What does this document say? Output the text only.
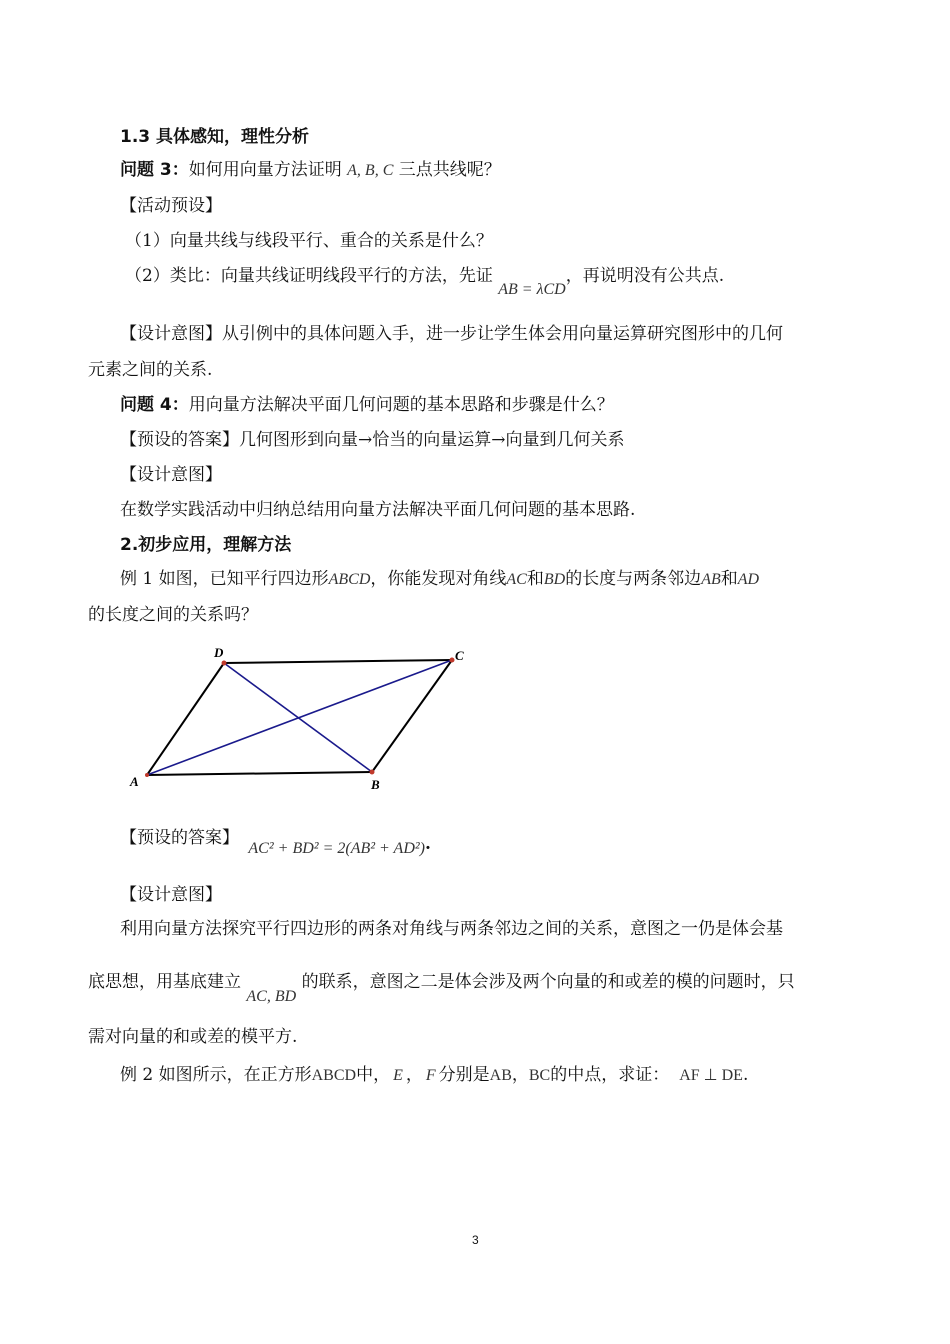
1.3 具体感知，理性分析
问题 3：如何用向量方法证明 A, B, C 三点共线呢？
【活动预设】
（1）向量共线与线段平行、重合的关系是什么？
（2）类比：向量共线证明线段平行的方法，先证 AB = λCD，再说明没有公共点.
【设计意图】从引例中的具体问题入手，进一步让学生体会用向量运算研究图形中的几何
元素之间的关系.
问题 4：用向量方法解决平面几何问题的基本思路和步骤是什么？
【预设的答案】几何图形到向量→恰当的向量运算→向量到几何关系
【设计意图】
在数学实践活动中归纳总结用向量方法解决平面几何问题的基本思路.
2.初步应用，理解方法
例 1 如图，已知平行四边形ABCD，你能发现对角线AC和BD的长度与两条邻边AB和AD
的长度之间的关系吗？
A	B
C
D
【预设的答案】 AC² + BD² = 2(AB² + AD²).
【设计意图】
利用向量方法探究平行四边形的两条对角线与两条邻边之间的关系，意图之一仍是体会基
底思想，用基底建立 AC, BD 的联系，意图之二是体会涉及两个向量的和或差的模的问题时，只
需对向量的和或差的模平方.
例 2 如图所示，在正方形ABCD中， E ， F 分别是AB，BC的中点，求证： AF ⊥ DE.
3
